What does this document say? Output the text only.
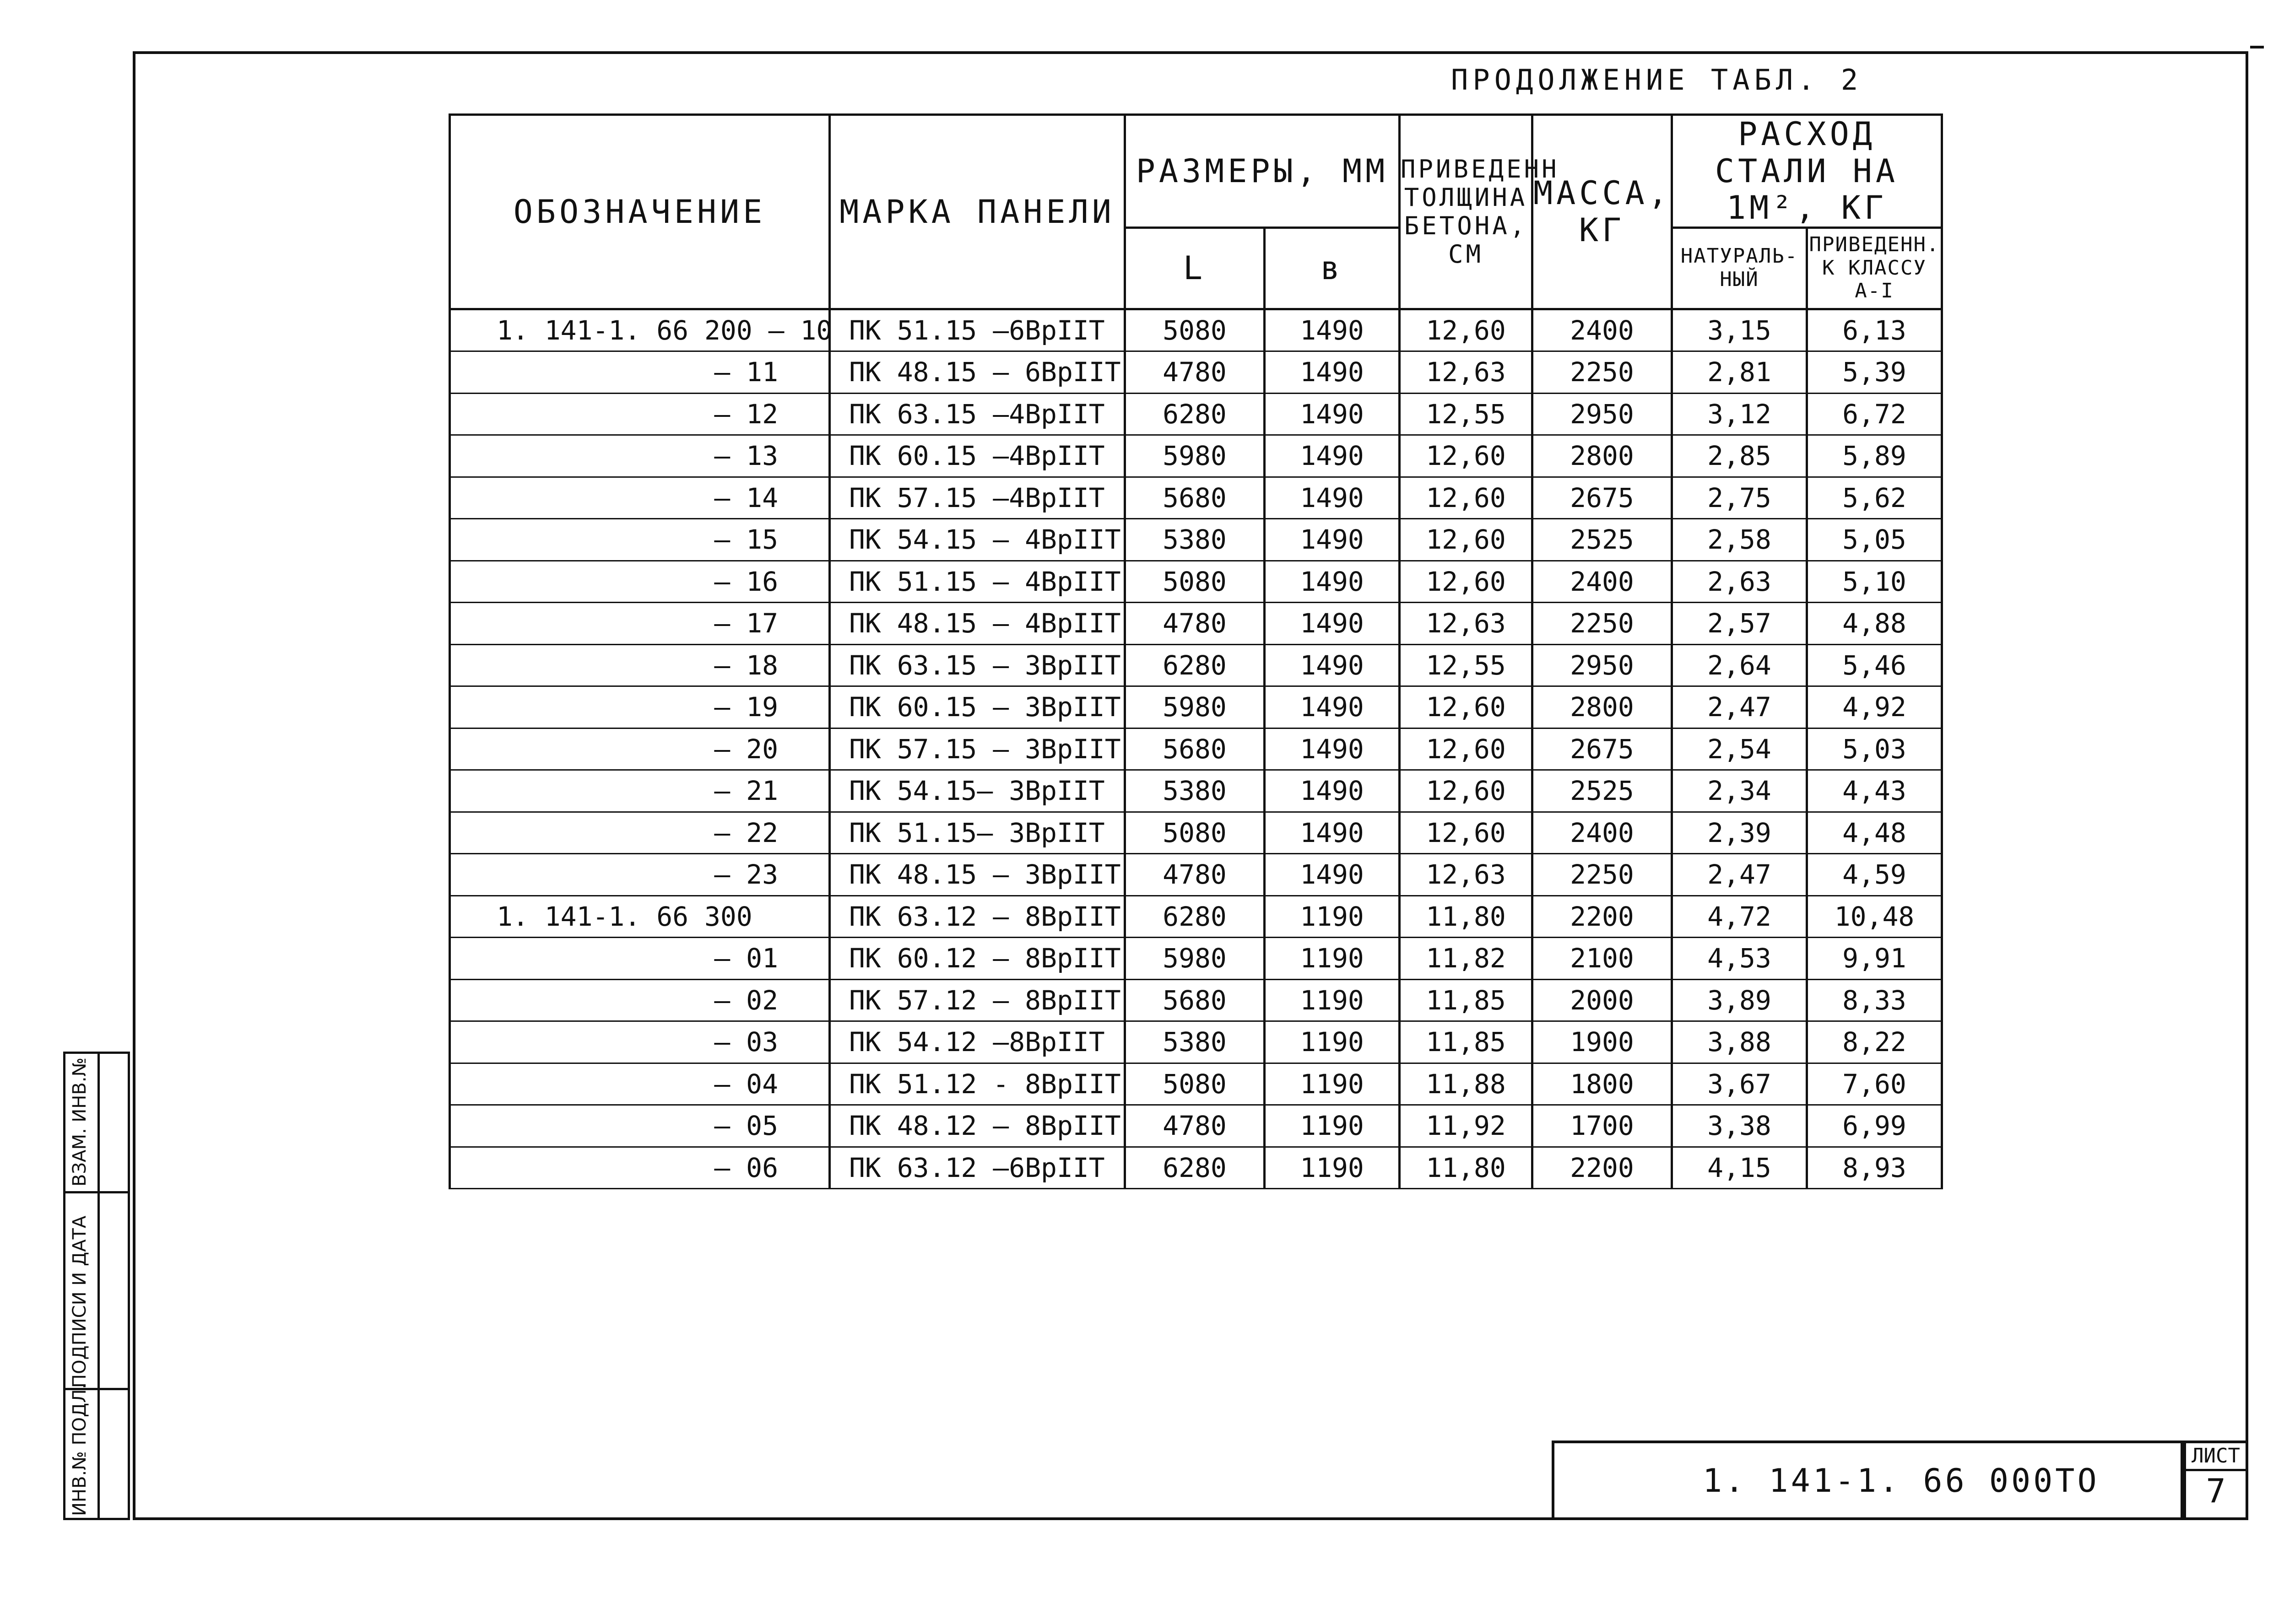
ПРОДОЛЖЕНИЕ ТАБЛ. 2
ОБОЗНАЧЕНИЕ	МАРКА ПАНЕЛИ	РАЗМЕРЫ, ММ		ПРИВЕДЕНН ТОЛЩИНА БЕТОНА, СМ	МАССА, КГ	РАСХОД СТАЛИ НА 1М², КГ	
		L	в			НАТУРАЛЬ-НЫЙ	ПРИВЕДЕНН. К КЛАССУ А-I
1. 141-1. 66 200 — 10	ПК 51.15 —6ВрIIТ	5080	1490	12,60	2400	3,15	6,13
— 11	ПК 48.15 — 6ВрIIТ	4780	1490	12,63	2250	2,81	5,39
— 12	ПК 63.15 —4ВрIIТ	6280	1490	12,55	2950	3,12	6,72
— 13	ПК 60.15 —4ВрIIТ	5980	1490	12,60	2800	2,85	5,89
— 14	ПК 57.15 —4ВрIIТ	5680	1490	12,60	2675	2,75	5,62
— 15	ПК 54.15 — 4ВрIIТ	5380	1490	12,60	2525	2,58	5,05
— 16	ПК 51.15 — 4ВрIIТ	5080	1490	12,60	2400	2,63	5,10
— 17	ПК 48.15 — 4ВрIIТ	4780	1490	12,63	2250	2,57	4,88
— 18	ПК 63.15 — 3ВрIIТ	6280	1490	12,55	2950	2,64	5,46
— 19	ПК 60.15 — 3ВрIIТ	5980	1490	12,60	2800	2,47	4,92
— 20	ПК 57.15 — 3ВрIIТ	5680	1490	12,60	2675	2,54	5,03
— 21	ПК 54.15— 3ВрIIТ	5380	1490	12,60	2525	2,34	4,43
— 22	ПК 51.15— 3ВрIIТ	5080	1490	12,60	2400	2,39	4,48
— 23	ПК 48.15 — 3ВрIIТ	4780	1490	12,63	2250	2,47	4,59
1. 141-1. 66 300	ПК 63.12 — 8ВрIIТ	6280	1190	11,80	2200	4,72	10,48
— 01	ПК 60.12 — 8ВрIIТ	5980	1190	11,82	2100	4,53	9,91
— 02	ПК 57.12 — 8ВрIIТ	5680	1190	11,85	2000	3,89	8,33
— 03	ПК 54.12 —8ВрIIТ	5380	1190	11,85	1900	3,88	8,22
— 04	ПК 51.12 - 8ВрIIТ	5080	1190	11,88	1800	3,67	7,60
— 05	ПК 48.12 — 8ВрIIТ	4780	1190	11,92	1700	3,38	6,99
— 06	ПК 63.12 —6ВрIIТ	6280	1190	11,80	2200	4,15	8,93
ИНВ.№ ПОДЛ.
ПОДПИСИ И ДАТА
ВЗАМ. ИНВ.№
1. 141-1. 66 000ТО
ЛИСТ
7
